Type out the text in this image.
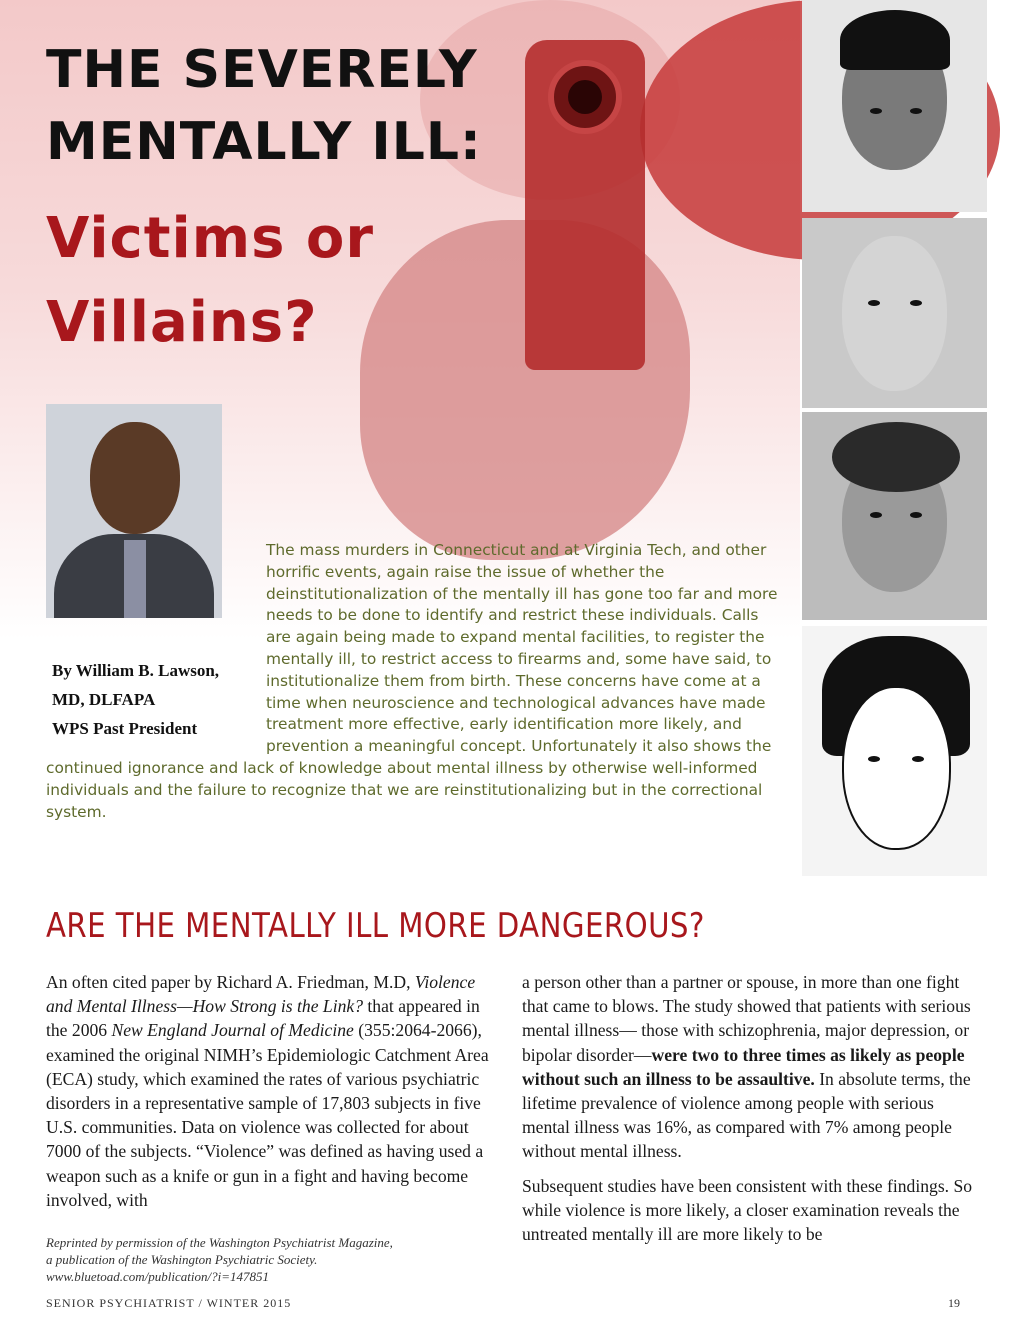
THE SEVERELY
MENTALLY ILL:
Victims or
Villains?
The mass murders in Connecticut and at Virginia Tech, and other horrific events, again raise the issue of whether the deinstitutionalization of the mentally ill has gone too far and more needs to be done to identify and restrict these individuals. Calls are again being made to expand mental facilities, to register the mentally ill, to restrict access to firearms and, some have said, to institutionalize them from birth. These concerns have come at a time when neuroscience and technological advances have made treatment more effective, early identification more likely, and prevention a meaningful concept. Unfortunately it also shows the continued ignorance and lack of knowledge about mental illness by otherwise well-informed individuals and the failure to recognize that we are reinstitutionalizing but in the correctional system.
By William B. Lawson,
MD, DLFAPA
WPS Past President
ARE THE MENTALLY ILL MORE DANGEROUS?

An often cited paper by Richard A. Friedman, M.D, Violence and Mental Illness—How Strong is the Link? that appeared in the 2006 New England Journal of Medicine (355:2064-2066), examined the original NIMH’s Epidemiologic Catchment Area (ECA) study, which examined the rates of various psychiatric disorders in a representative sample of 17,803 subjects in five U.S. communities. Data on violence was collected for about 7000 of the subjects. “Violence” was defined as having used a weapon such as a knife or gun in a fight and having become involved, with

a person other than a partner or spouse, in more than one fight that came to blows. The study showed that patients with serious mental illness— those with schizophrenia, major depression, or bipolar disorder—were two to three times as likely as people without such an illness to be assaultive. In absolute terms, the lifetime prevalence of violence among people with serious mental illness was 16%, as compared with 7% among people without mental illness.

Subsequent studies have been consistent with these findings. So while violence is more likely, a closer examination reveals the untreated mentally ill are more likely to be

Reprinted by permission of the Washington Psychiatrist Magazine,
a publication of the Washington Psychiatric Society.
www.bluetoad.com/publication/?i=147851
SENIOR PSYCHIATRIST / WINTER 2015	19
